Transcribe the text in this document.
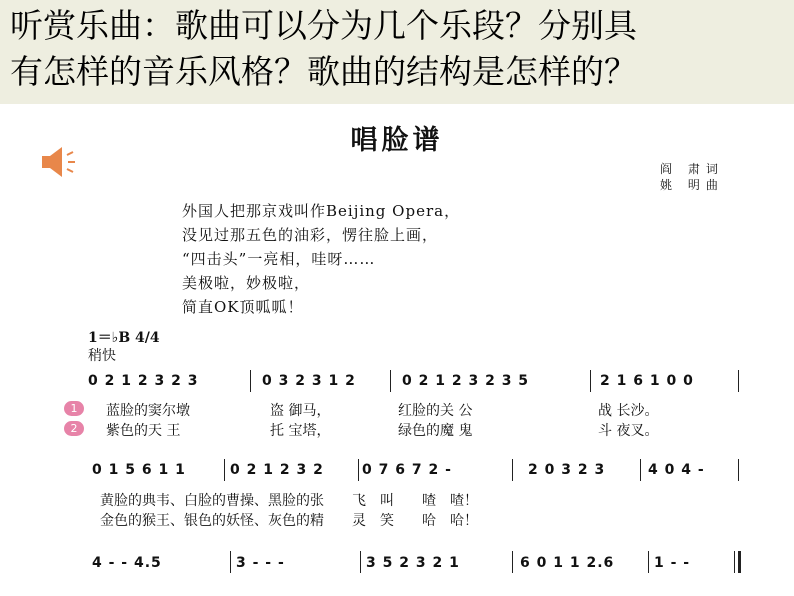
听赏乐曲：歌曲可以分为几个乐段？分别具
有怎样的音乐风格？歌曲的结构是怎样的？
唱脸谱
阎 肃词
姚 明曲
外国人把那京戏叫作Beijing Opera，
没见过那五色的油彩，愣往脸上画，
“四击头”一亮相，哇呀……
美极啦，妙极啦，
简直OK顶呱呱！
1＝♭B 4/4
稍快
0 2 1 2 3 2 3	0 3 2 3 1 2	0 2 1 2 3 2 3 5	2 1 6 1 0 0
1	蓝脸的窦尔墩	盗 御马，	红脸的关 公	战 长沙。
2	紫色的天 王	托 宝塔，	绿色的魔 鬼	斗 夜叉。
0 1 5 6 1 1	0 2 1 2 3 2	0 7 6 7 2 -	2 0 3 2 3	4 0 4 -
黄脸的典韦、白脸的曹操、黑脸的张　　飞　叫　　喳　喳！
金色的猴王、银色的妖怪、灰色的精　　灵　笑　　哈　哈！
4 - - 4.5	3 - - -	3 5 2 3 2 1	6 0 1 1 2.6	1 - -
